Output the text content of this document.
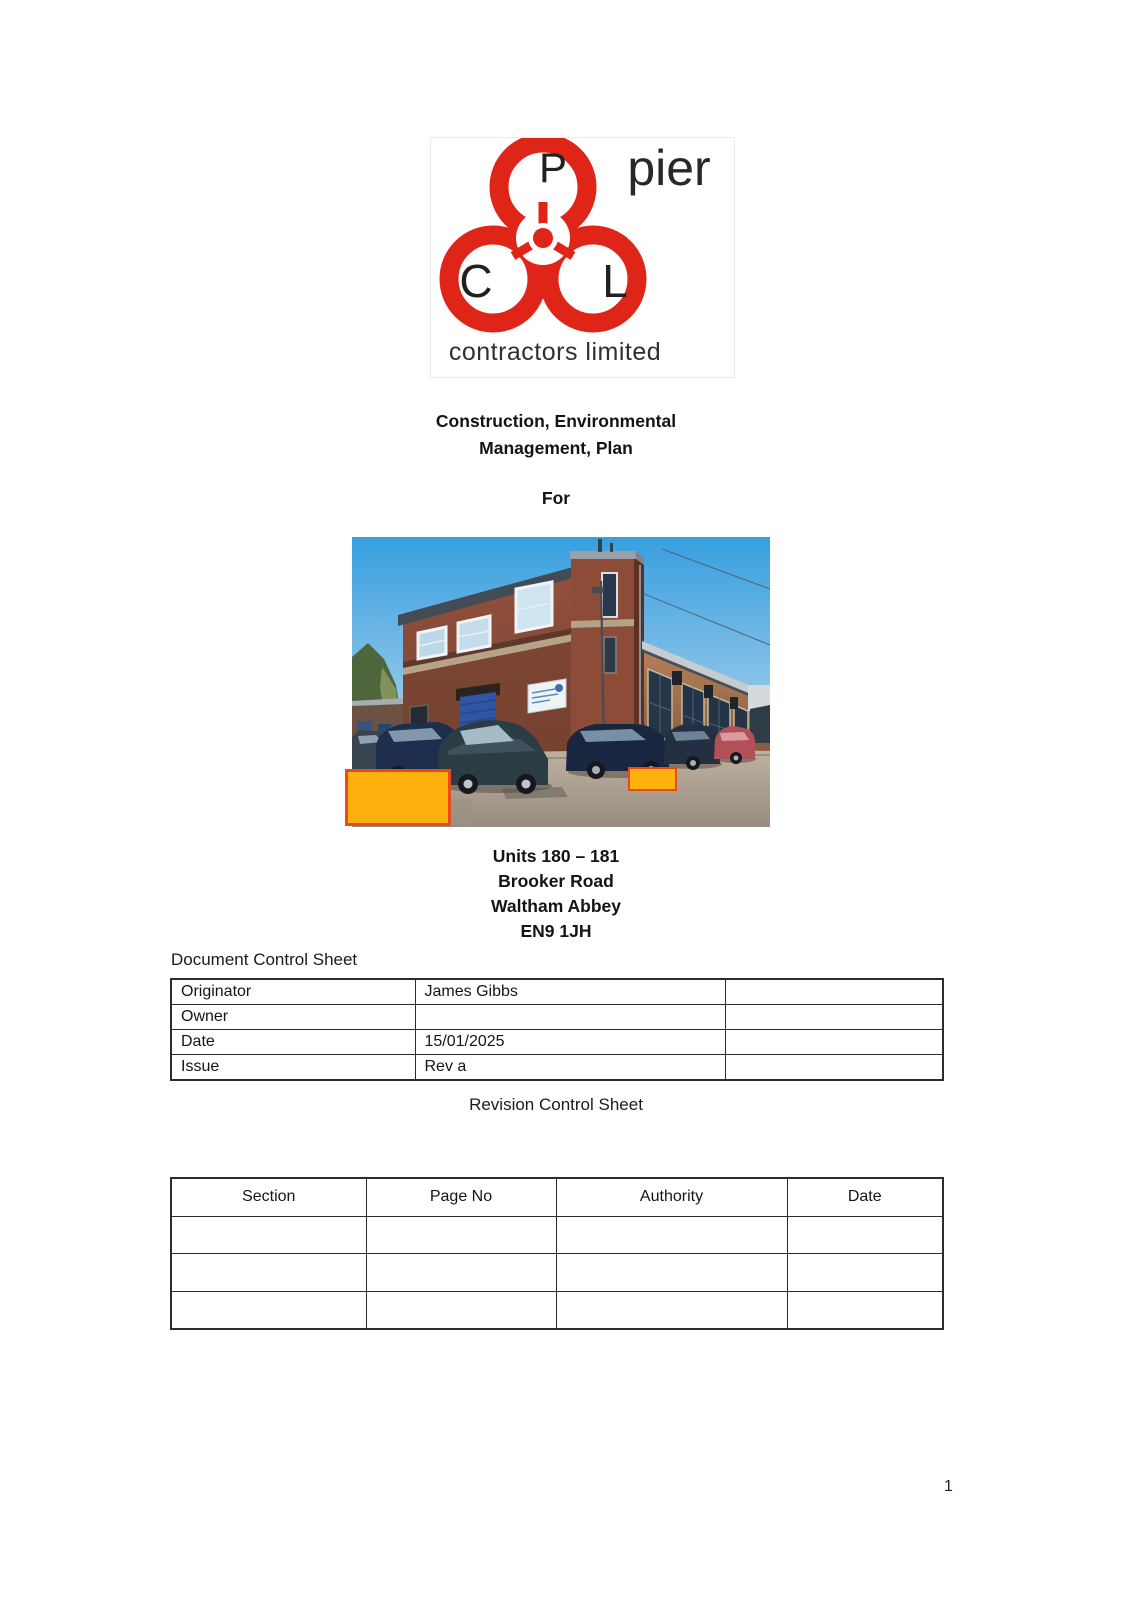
P
C L
pier
contractors limited
Construction, Environmental
Management, Plan
For
Units 180 – 181
Brooker Road
Waltham Abbey
EN9 1JH
Document Control Sheet
Originator	James Gibbs	
Owner		
Date	15/01/2025	
Issue	Rev a	
Revision Control Sheet
Section	Page No	Authority	Date

1
